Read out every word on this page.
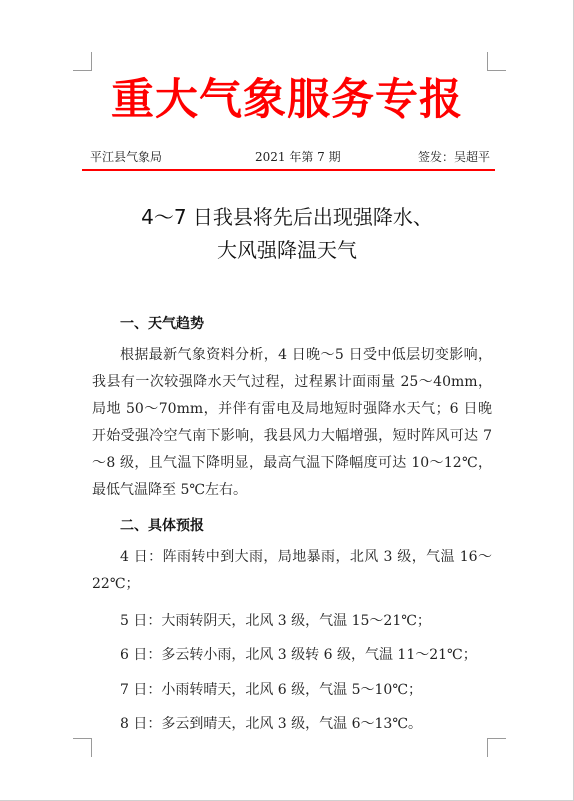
重大气象服务专报
平江县气象局	2021 年第 7 期	签发：吴超平
4～7 日我县将先后出现强降水、
大风强降温天气
一、天气趋势
根据最新气象资料分析，4 日晚～5 日受中低层切变影响，我县有一次较强降水天气过程，过程累计面雨量 25～40mm，局地 50～70mm，并伴有雷电及局地短时强降水天气；6 日晚开始受强冷空气南下影响，我县风力大幅增强，短时阵风可达 7～8 级，且气温下降明显，最高气温下降幅度可达 10～12℃，最低气温降至 5℃左右。
二、具体预报
4 日：阵雨转中到大雨，局地暴雨，北风 3 级，气温 16～22℃；
5 日：大雨转阴天，北风 3 级，气温 15～21℃；
6 日：多云转小雨，北风 3 级转 6 级，气温 11～21℃；
7 日：小雨转晴天，北风 6 级，气温 5～10℃；
8 日：多云到晴天，北风 3 级，气温 6～13℃。
